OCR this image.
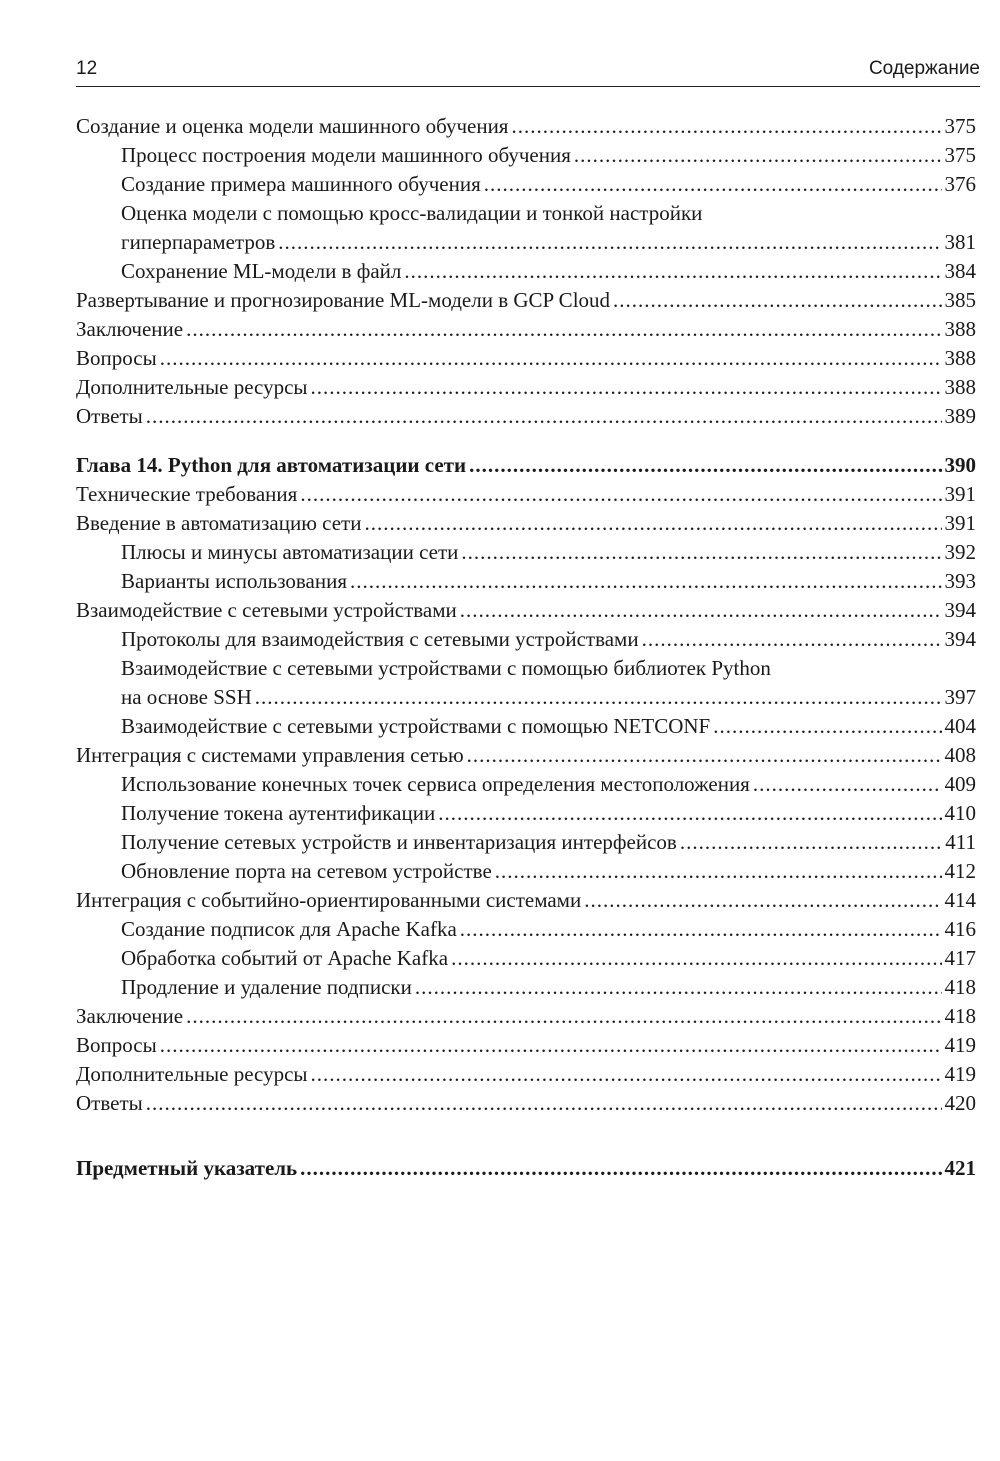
12	Содержание
Создание и оценка модели машинного обучения .....	375
Процесс построения модели машинного обучения .....	375
Создание примера машинного обучения .....	376
Оценка модели с помощью кросс-валидации и тонкой настройки
гиперпараметров .....	381
Сохранение ML-модели в файл .....	384
Развертывание и прогнозирование ML-модели в GCP Cloud .....	385
Заключение .....	388
Вопросы .....	388
Дополнительные ресурсы .....	388
Ответы .....	389
Глава 14. Python для автоматизации сети .....	390
Технические требования .....	391
Введение в автоматизацию сети .....	391
Плюсы и минусы автоматизации сети .....	392
Варианты использования .....	393
Взаимодействие с сетевыми устройствами .....	394
Протоколы для взаимодействия с сетевыми устройствами .....	394
Взаимодействие с сетевыми устройствами с помощью библиотек Python
на основе SSH .....	397
Взаимодействие с сетевыми устройствами с помощью NETCONF .....	404
Интеграция с системами управления сетью .....	408
Использование конечных точек сервиса определения местоположения .....	409
Получение токена аутентификации .....	410
Получение сетевых устройств и инвентаризация интерфейсов .....	411
Обновление порта на сетевом устройстве .....	412
Интеграция с событийно-ориентированными системами .....	414
Создание подписок для Apache Kafka .....	416
Обработка событий от Apache Kafka .....	417
Продление и удаление подписки .....	418
Заключение .....	418
Вопросы .....	419
Дополнительные ресурсы .....	419
Ответы .....	420
Предметный указатель .....	421
